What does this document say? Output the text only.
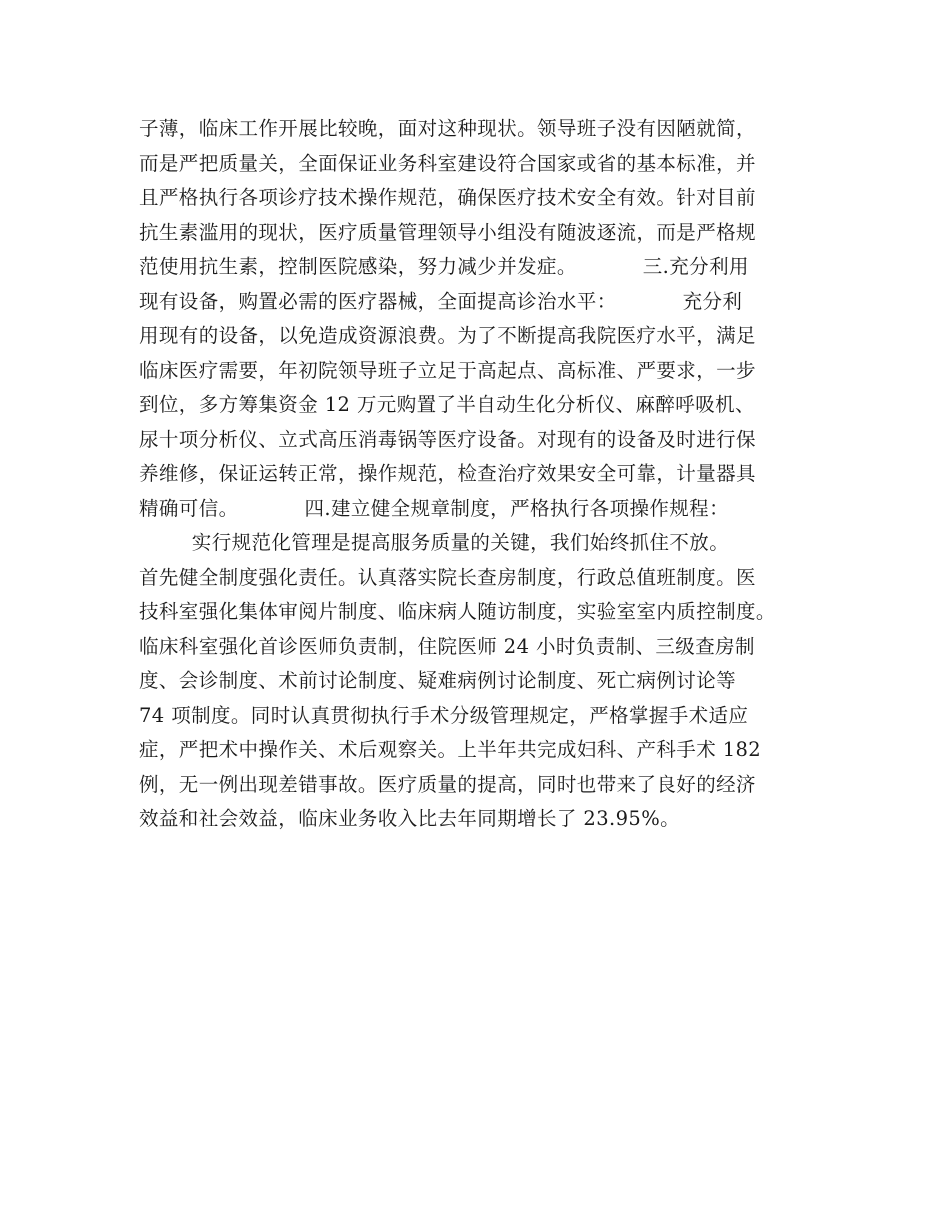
子薄，临床工作开展比较晚，面对这种现状。领导班子没有因陋就简，
而是严把质量关，全面保证业务科室建设符合国家或省的基本标准，并
且严格执行各项诊疗技术操作规范，确保医疗技术安全有效。针对目前
抗生素滥用的现状，医疗质量管理领导小组没有随波逐流，而是严格规
范使用抗生素，控制医院感染，努力减少并发症。          三.充分利用
现有设备，购置必需的医疗器械，全面提高诊治水平：          充分利
用现有的设备，以免造成资源浪费。为了不断提高我院医疗水平，满足
临床医疗需要，年初院领导班子立足于高起点、高标准、严要求，一步
到位，多方筹集资金 12 万元购置了半自动生化分析仪、麻醉呼吸机、
尿十项分析仪、立式高压消毒锅等医疗设备。对现有的设备及时进行保
养维修，保证运转正常，操作规范，检查治疗效果安全可靠，计量器具
精确可信。          四.建立健全规章制度，严格执行各项操作规程：
实行规范化管理是提高服务质量的关键，我们始终抓住不放。
首先健全制度强化责任。认真落实院长查房制度，行政总值班制度。医
技科室强化集体审阅片制度、临床病人随访制度，实验室室内质控制度。
临床科室强化首诊医师负责制，住院医师 24 小时负责制、三级查房制
度、会诊制度、术前讨论制度、疑难病例讨论制度、死亡病例讨论等
74 项制度。同时认真贯彻执行手术分级管理规定，严格掌握手术适应
症，严把术中操作关、术后观察关。上半年共完成妇科、产科手术 182
例，无一例出现差错事故。医疗质量的提高，同时也带来了良好的经济
效益和社会效益，临床业务收入比去年同期增长了 23.95%。
